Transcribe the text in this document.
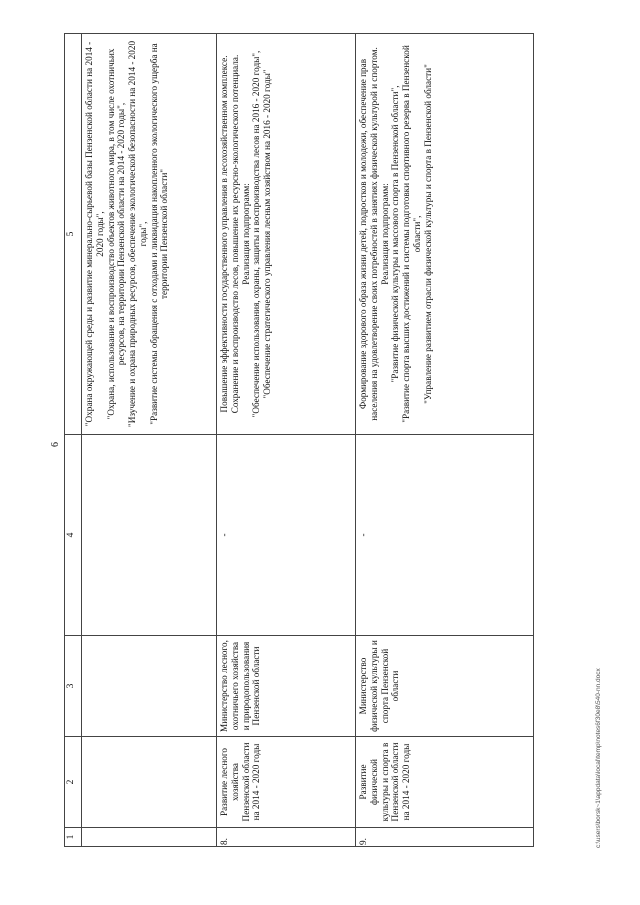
6
1	2	3	4	5

				"Охрана окружающей среды и развитие минерально-сырьевой базы Пензенской области на 2014 - 2020 годы", "Охрана, использование и воспроизводство объектов животного мира, в том числе охотничьих ресурсов, на территории Пензенской области на 2014 - 2020 годы", "Изучение и охрана природных ресурсов, обеспечение экологической безопасности на 2014 - 2020 годы", "Развитие системы обращения с отходами и ликвидация накопленного экологического ущерба на территории Пензенской области"

8.	Развитие лесного хозяйства Пензенской области на 2014 - 2020 годы	Министерство лесного, охотничьего хозяйства и природопользования Пензенской области	-	Повышение эффективности государственного управления в лесохозяйственном комплексе. Сохранение и воспроизводство лесов, повышение их ресурсно-экологического потенциала. Реализация подпрограмм: "Обеспечение использования, охраны, защиты и воспроизводства лесов на 2016 - 2020 годы", "Обеспечение стратегического управления лесным хозяйством на 2016 - 2020 годы"

9.	Развитие физической культуры и спорта в Пензенской области на 2014 - 2020 годы	Министерство физической культуры и спорта Пензенской области	-	Формирование здорового образа жизни детей, подростков и молодежи, обеспечение прав населения на удовлетворение своих потребностей в занятиях физической культурой и спортом. Реализация подпрограмм: "Развитие физической культуры и массового спорта в Пензенской области", "Развитие спорта высших достижений и системы подготовки спортивного резерва в Пензенской области", "Управление развитием отрасли физической культуры и спорта в Пензенской области"

c:\users\borsk~1\appdata\local\temp\notes6f30e8\540-nn.docx
